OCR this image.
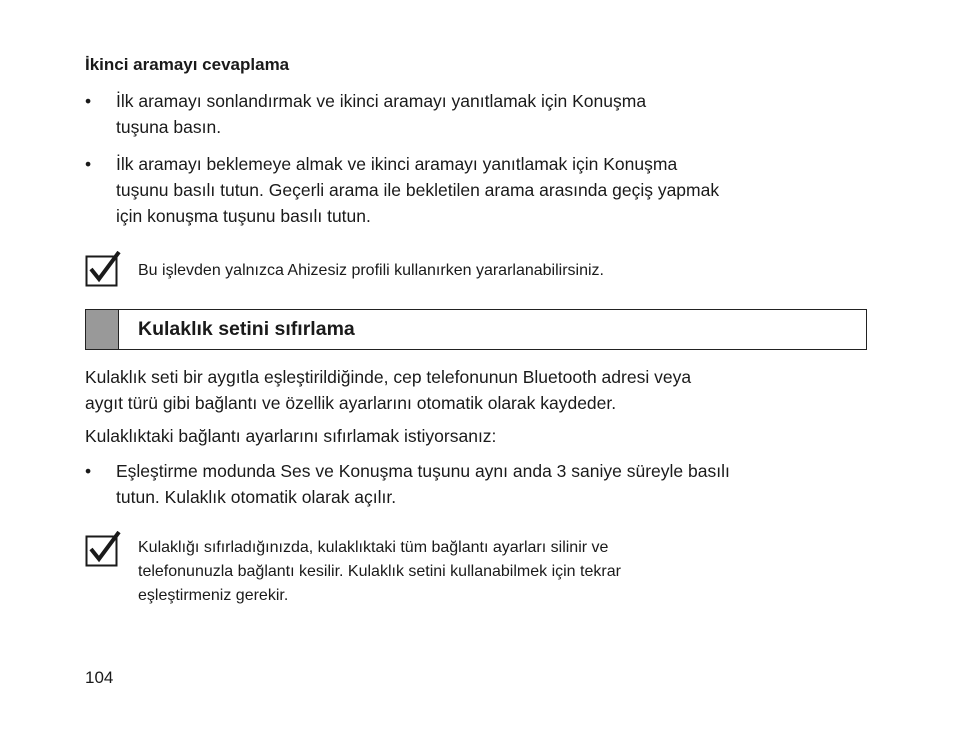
İkinci aramayı cevaplama
•	İlk aramayı sonlandırmak ve ikinci aramayı yanıtlamak için Konuşma
tuşuna basın.
•	İlk aramayı beklemeye almak ve ikinci aramayı yanıtlamak için Konuşma
tuşunu basılı tutun. Geçerli arama ile bekletilen arama arasında geçiş yapmak
için konuşma tuşunu basılı tutun.
Bu işlevden yalnızca Ahizesiz profili kullanırken yararlanabilirsiniz.
Kulaklık setini sıfırlama
Kulaklık seti bir aygıtla eşleştirildiğinde, cep telefonunun Bluetooth adresi veya
aygıt türü gibi bağlantı ve özellik ayarlarını otomatik olarak kaydeder.
Kulaklıktaki bağlantı ayarlarını sıfırlamak istiyorsanız:
•	Eşleştirme modunda Ses ve Konuşma tuşunu aynı anda 3 saniye süreyle basılı
tutun. Kulaklık otomatik olarak açılır.
Kulaklığı sıfırladığınızda, kulaklıktaki tüm bağlantı ayarları silinir ve
telefonunuzla bağlantı kesilir. Kulaklık setini kullanabilmek için tekrar
eşleştirmeniz gerekir.
104
